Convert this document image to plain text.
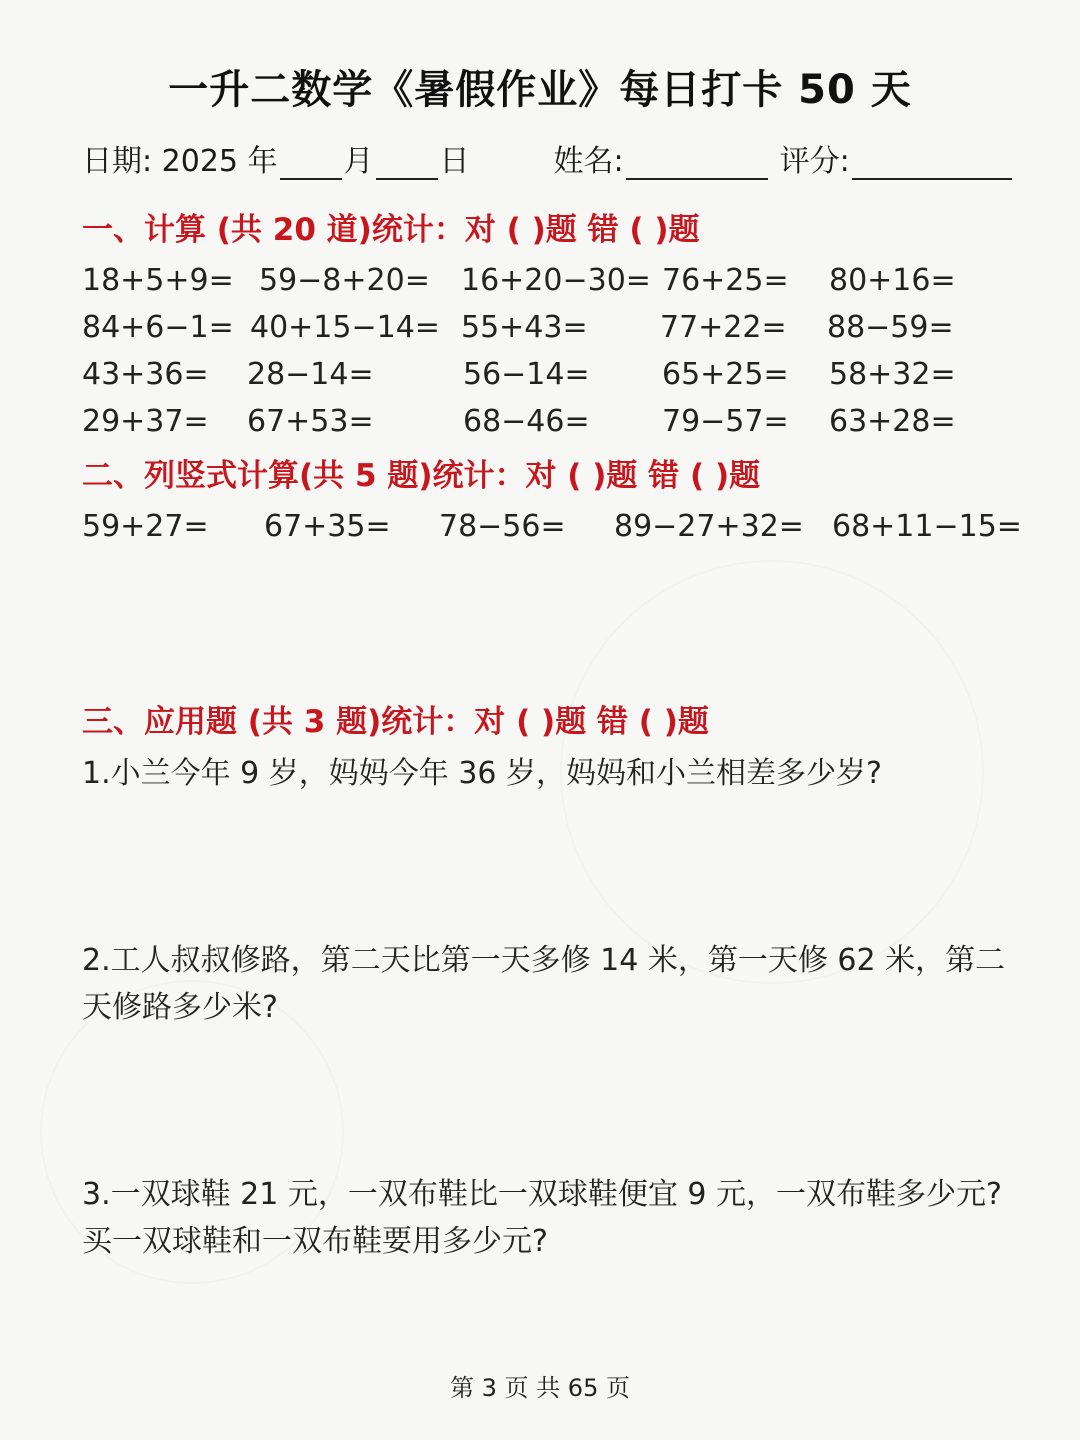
一升二数学《暑假作业》每日打卡 50 天
日期: 2025 年 月 日	姓名:	评分:
一、计算 (共 20 道)统计：对 ( )题 错 ( )题
18+5+9= 59−8+20= 16+20−30= 76+25= 80+16=
84+6−1= 40+15−14= 55+43= 77+22= 88−59=
43+36= 28−14=	56−14= 65+25= 58+32=
29+37= 67+53=	68−46= 79−57= 63+28=
二、列竖式计算(共 5 题)统计：对 ( )题 错 ( )题
59+27= 67+35= 78−56= 89−27+32= 68+11−15=
三、应用题 (共 3 题)统计：对 ( )题 错 ( )题
1.小兰今年 9 岁，妈妈今年 36 岁，妈妈和小兰相差多少岁?
2.工人叔叔修路，第二天比第一天多修 14 米，第一天修 62 米，第二天修路多少米?
3.一双球鞋 21 元，一双布鞋比一双球鞋便宜 9 元，一双布鞋多少元?买一双球鞋和一双布鞋要用多少元?
第 3 页 共 65 页
